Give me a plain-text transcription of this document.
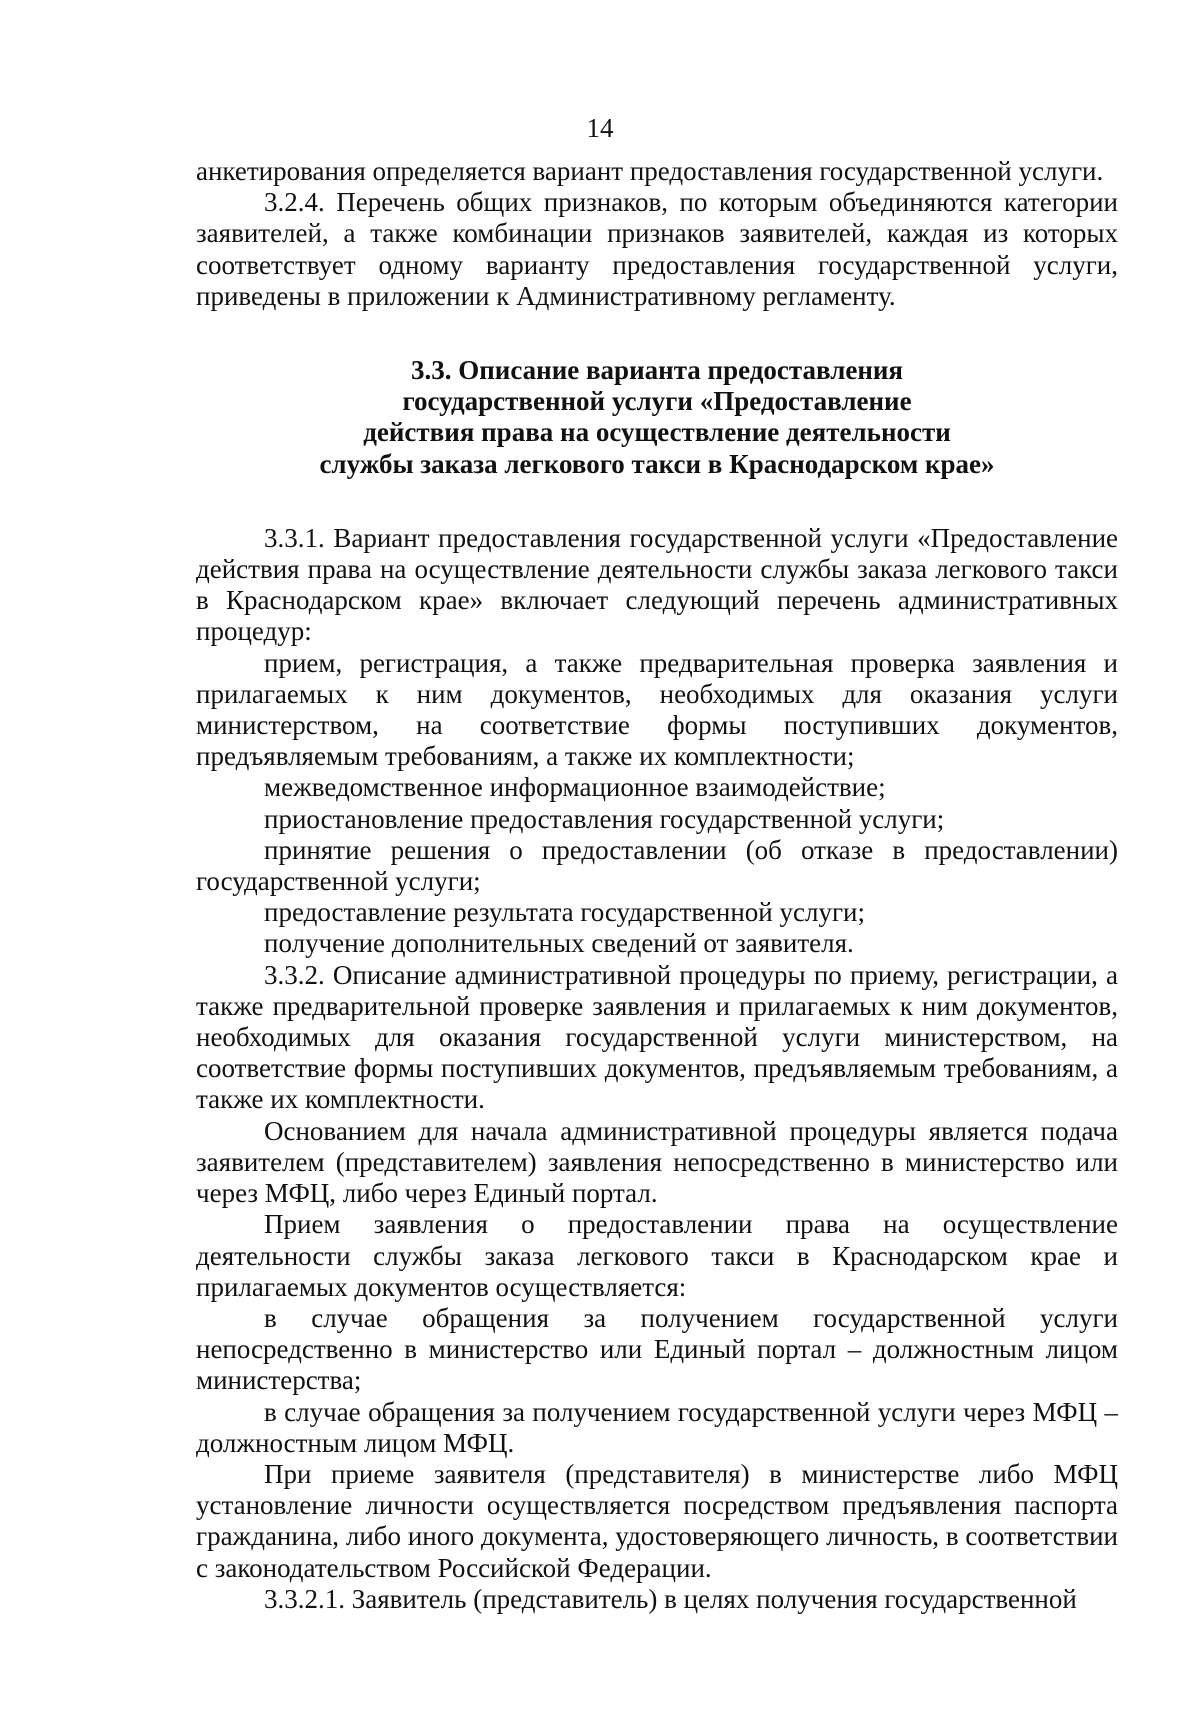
14

анкетирования определяется вариант предоставления государственной услуги.

3.2.4. Перечень общих признаков, по которым объединяются категории заявителей, а также комбинации признаков заявителей, каждая из которых соответствует одному варианту предоставления государственной услуги, приведены в приложении к Административному регламенту.

3.3. Описание варианта предоставления
государственной услуги «Предоставление
действия права на осуществление деятельности
службы заказа легкового такси в Краснодарском крае»

3.3.1. Вариант предоставления государственной услуги «Предоставление действия права на осуществление деятельности службы заказа легкового такси в Краснодарском крае» включает следующий перечень административных процедур:

прием, регистрация, а также предварительная проверка заявления и прилагаемых к ним документов, необходимых для оказания услуги министерством, на соответствие формы поступивших документов, предъявляемым требованиям, а также их комплектности;

межведомственное информационное взаимодействие;

приостановление предоставления государственной услуги;

принятие решения о предоставлении (об отказе в предоставлении) государственной услуги;

предоставление результата государственной услуги;

получение дополнительных сведений от заявителя.

3.3.2. Описание административной процедуры по приему, регистрации, а также предварительной проверке заявления и прилагаемых к ним документов, необходимых для оказания государственной услуги министерством, на соответствие формы поступивших документов, предъявляемым требованиям, а также их комплектности.

Основанием для начала административной процедуры является подача заявителем (представителем) заявления непосредственно в министерство или через МФЦ, либо через Единый портал.

Прием заявления о предоставлении права на осуществление деятельности службы заказа легкового такси в Краснодарском крае и прилагаемых документов осуществляется:

в случае обращения за получением государственной услуги непосредственно в министерство или Единый портал – должностным лицом министерства;

в случае обращения за получением государственной услуги через МФЦ – должностным лицом МФЦ.

При приеме заявителя (представителя) в министерстве либо МФЦ установление личности осуществляется посредством предъявления паспорта гражданина, либо иного документа, удостоверяющего личность, в соответствии с законодательством Российской Федерации.

3.3.2.1. Заявитель (представитель) в целях получения государственной
